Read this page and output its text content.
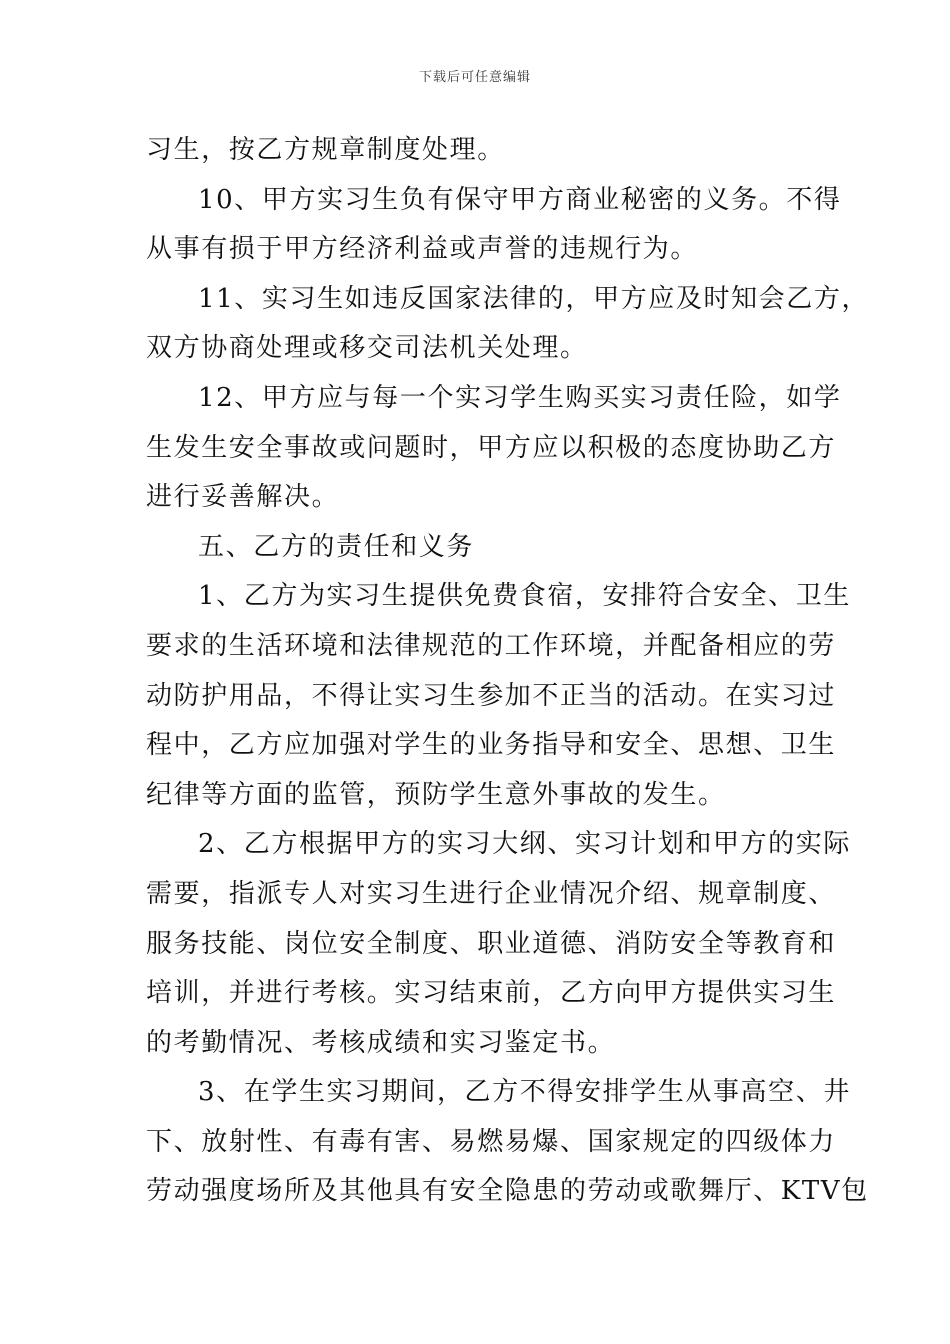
下载后可任意编辑
习生，按乙方规章制度处理。
10、甲方实习生负有保守甲方商业秘密的义务。不得
从事有损于甲方经济利益或声誉的违规行为。
11、实习生如违反国家法律的，甲方应及时知会乙方，
双方协商处理或移交司法机关处理。
12、甲方应与每一个实习学生购买实习责任险，如学
生发生安全事故或问题时，甲方应以积极的态度协助乙方
进行妥善解决。
五、乙方的责任和义务
1、乙方为实习生提供免费食宿，安排符合安全、卫生
要求的生活环境和法律规范的工作环境，并配备相应的劳
动防护用品，不得让实习生参加不正当的活动。在实习过
程中，乙方应加强对学生的业务指导和安全、思想、卫生
纪律等方面的监管，预防学生意外事故的发生。
2、乙方根据甲方的实习大纲、实习计划和甲方的实际
需要，指派专人对实习生进行企业情况介绍、规章制度、
服务技能、岗位安全制度、职业道德、消防安全等教育和
培训，并进行考核。实习结束前，乙方向甲方提供实习生
的考勤情况、考核成绩和实习鉴定书。
3、在学生实习期间，乙方不得安排学生从事高空、井
下、放射性、有毒有害、易燃易爆、国家规定的四级体力
劳动强度场所及其他具有安全隐患的劳动或歌舞厅、KTV包
